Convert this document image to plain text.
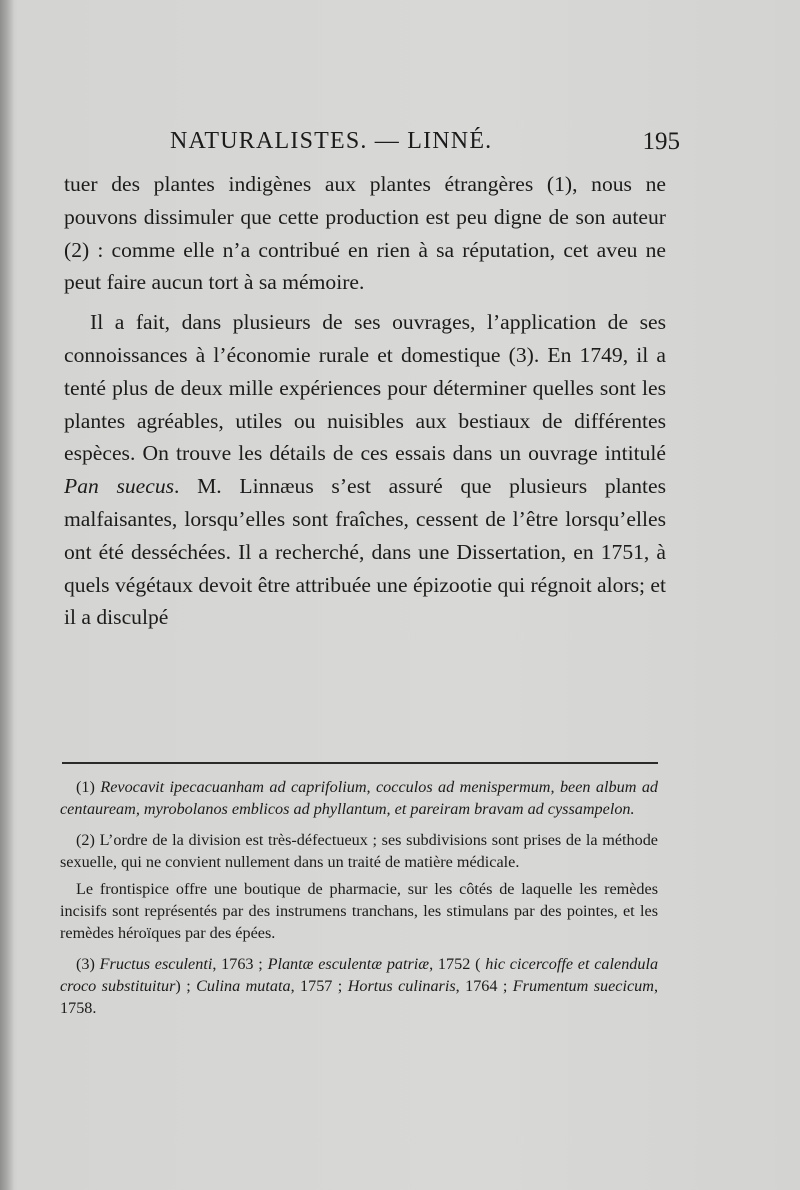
NATURALISTES. — LINNÉ.	195

tuer des plantes indigènes aux plantes étrangères (1), nous ne pouvons dissimuler que cette production est peu digne de son auteur (2) : comme elle n’a contribué en rien à sa réputation, cet aveu ne peut faire aucun tort à sa mémoire.

Il a fait, dans plusieurs de ses ouvrages, l’application de ses connoissances à l’économie rurale et domestique (3). En 1749, il a tenté plus de deux mille expériences pour déterminer quelles sont les plantes agréables, utiles ou nuisibles aux bestiaux de différentes espèces. On trouve les détails de ces essais dans un ouvrage intitulé Pan suecus. M. Linnæus s’est assuré que plusieurs plantes malfaisantes, lorsqu’elles sont fraîches, cessent de l’être lorsqu’elles ont été desséchées. Il a recherché, dans une Dissertation, en 1751, à quels végétaux devoit être attribuée une épizootie qui régnoit alors; et il a disculpé

(1) Revocavit ipecacuanham ad caprifolium, cocculos ad menispermum, been album ad centauream, myrobolanos emblicos ad phyllantum, et pareiram bravam ad cyssampelon.

(2) L’ordre de la division est très-défectueux ; ses subdivisions sont prises de la méthode sexuelle, qui ne convient nullement dans un traité de matière médicale.

Le frontispice offre une boutique de pharmacie, sur les côtés de laquelle les remèdes incisifs sont représentés par des instrumens tranchans, les stimulans par des pointes, et les remèdes héroïques par des épées.

(3) Fructus esculenti, 1763 ; Plantæ esculentæ patriæ, 1752 ( hic cicercoffe et calendula croco substituitur) ; Culina mutata, 1757 ; Hortus culinaris, 1764 ; Frumentum suecicum, 1758.
